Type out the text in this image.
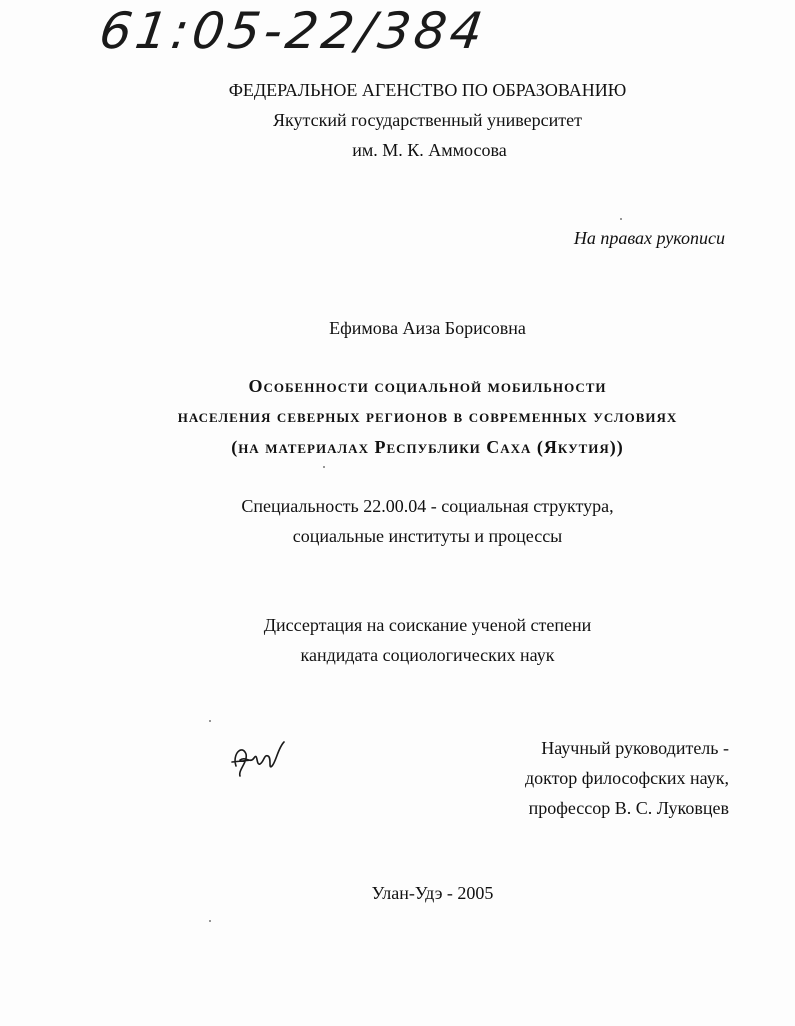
61:05-22/384
ФЕДЕРАЛЬНОЕ АГЕНСТВО ПО ОБРАЗОВАНИЮ
Якутский государственный университет
им. М. К. Аммосова
На правах рукописи
Ефимова Аиза Борисовна
Особенности социальной мобильности
населения северных регионов в современных условиях
(на материалах Республики Саха (Якутия))
Специальность 22.00.04 - социальная структура,
социальные институты и процессы
Диссертация на соискание ученой степени
кандидата социологических наук
Научный руководитель -
доктор философских наук,
профессор В. С. Луковцев
Улан-Удэ - 2005
